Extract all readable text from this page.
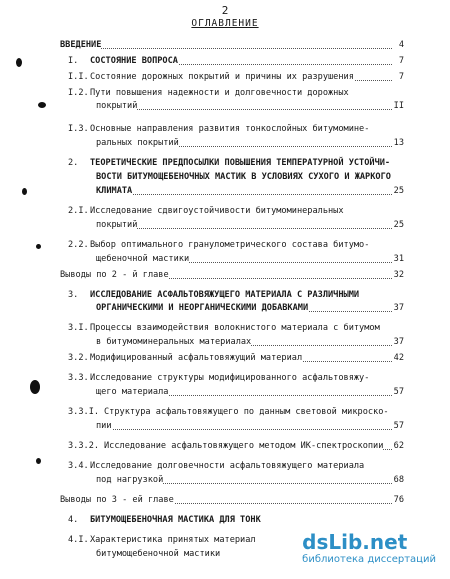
2
ОГЛАВЛЕНИЕ
ВВЕДЕНИЕ	4
I. СОСТОЯНИЕ ВОПРОСА	7
I.I.Состояние дорожных покрытий и причины их разрушения	7
I.2.Пути повышения надежности и долговечности дорожных
покрытий	II
I.3.Основные направления развития тонкослойных битумомине-
ральных покрытий	13
2. ТЕОРЕТИЧЕСКИЕ ПРЕДПОСЫЛКИ ПОВЫШЕНИЯ ТЕМПЕРАТУРНОЙ УСТОЙЧИ-
ВОСТИ БИТУМОЩЕБЕНОЧНЫХ МАСТИК В УСЛОВИЯХ СУХОГО И ЖАРКОГО
КЛИМАТА	25
2.I.Исследование сдвигоустойчивости битумоминеральных
покрытий	25
2.2.Выбор оптимального гранулометрического состава битумо-
щебеночной мастики	31
Выводы по 2 - й главе	32
3. ИССЛЕДОВАНИЕ АСФАЛЬТОВЯЖУЩЕГО МАТЕРИАЛА С РАЗЛИЧНЫМИ
ОРГАНИЧЕСКИМИ И НЕОРГАНИЧЕСКИМИ ДОБАВКАМИ	37
3.I.Процессы взаимодействия волокнистого материала с битумом
в битумоминеральных материалах	37
3.2.Модифицированный асфальтовяжущий материал	42
3.3.Исследование структуры модифицированного асфальтовяжу-
щего материала	57
3.3.I. Структура асфальтовяжущего по данным световой микроско-
пии	57
3.3.2. Исследование асфальтовяжущего методом ИК-спектроскопии 62
3.4.Исследование долговечности асфальтовяжущего материала
под нагрузкой	68
Выводы по 3 - ей главе	76
4. БИТУМОЩЕБЕНОЧНАЯ МАСТИКА ДЛЯ ТОНК
4.I.Характеристика принятых материал
битумощебеночной мастики	dsLib.net
библиотека диссертаций
